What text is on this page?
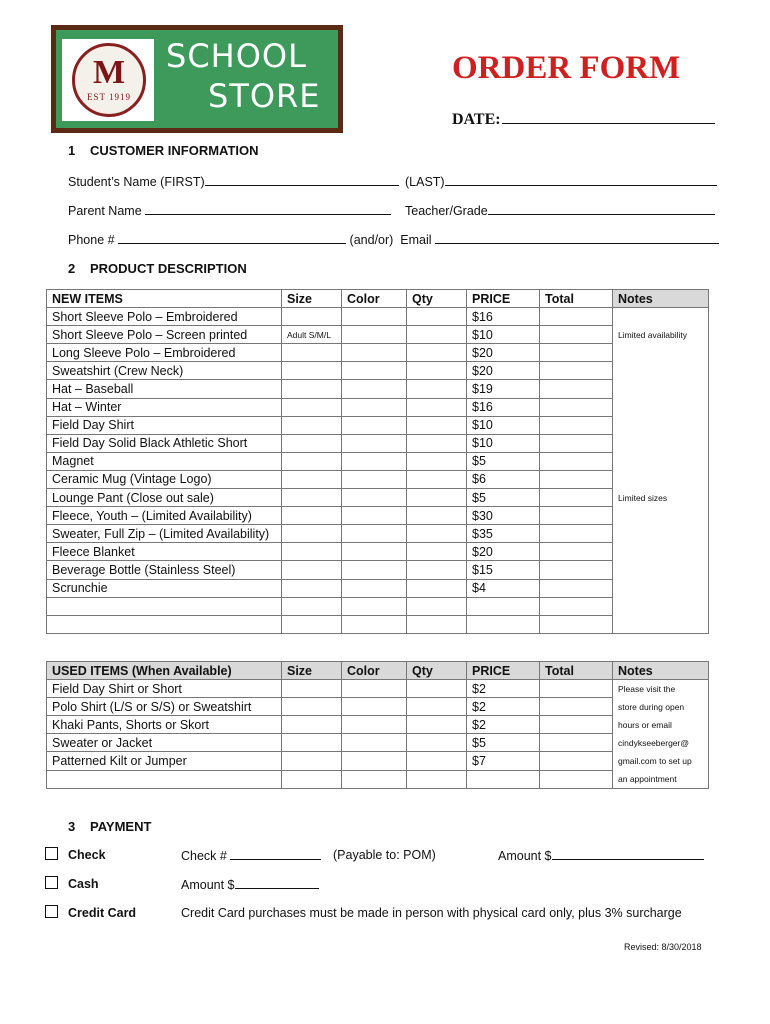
M
EST 1919
SCHOOL
STORE
ORDER FORM
DATE:
1 CUSTOMER INFORMATION
Student’s Name (FIRST)	(LAST)
Parent Name	Teacher/Grade
Phone #	(and/or) Email
2 PRODUCT DESCRIPTION
NEW ITEMS	Size	Color	Qty	PRICE	Total	Notes
Short Sleeve Polo – Embroidered				$16		
Short Sleeve Polo – Screen printed	Adult S/M/L			$10		Limited availability
Long Sleeve Polo – Embroidered				$20		
Sweatshirt (Crew Neck)				$20		
Hat – Baseball				$19		
Hat – Winter				$16		
Field Day Shirt				$10		
Field Day Solid Black Athletic Short				$10		
Magnet				$5		
Ceramic Mug (Vintage Logo)				$6		
Lounge Pant (Close out sale)				$5		Limited sizes
Fleece, Youth – (Limited Availability)				$30		
Sweater, Full Zip – (Limited Availability)				$35		
Fleece Blanket				$20		
Beverage Bottle (Stainless Steel)				$15		
Scrunchie				$4		

USED ITEMS (When Available)	Size	Color	Qty	PRICE	Total	Notes
Field Day Shirt or Short				$2		Please visit the
Polo Shirt (L/S or S/S) or Sweatshirt				$2		store during open
Khaki Pants, Shorts or Skort				$2		hours or email
Sweater or Jacket				$5		cindykseeberger@
Patterned Kilt or Jumper				$7		gmail.com to set up
						an appointment
3 PAYMENT
Check	Check #	(Payable to: POM)	Amount $
Cash	Amount $
Credit Card	Credit Card purchases must be made in person with physical card only, plus 3% surcharge
Revised: 8/30/2018
